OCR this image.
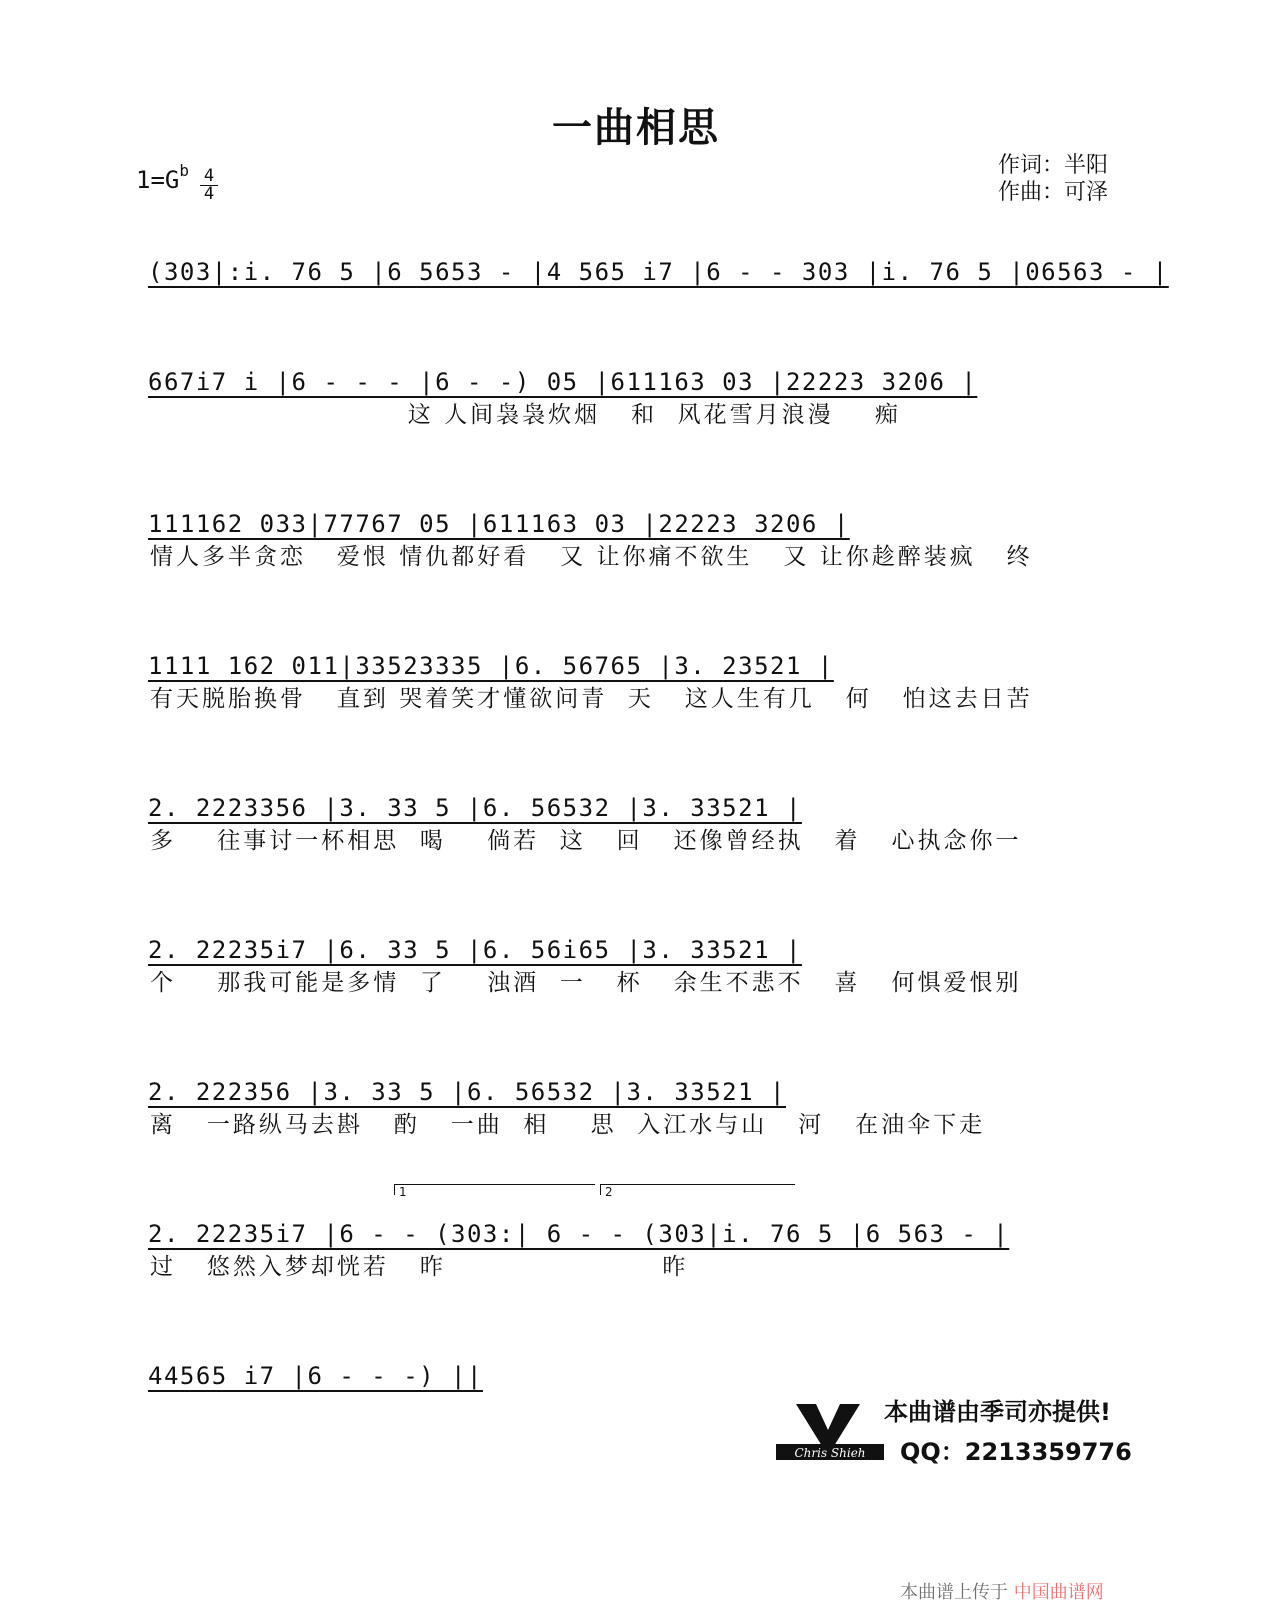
一曲相思
$1=G^b$ 4
4
作词：半阳
作曲：可泽
(303|:i. 76 5 |6 5653 - |4 565 i7 |6 - - 303 |i. 76 5 |06563 - |
667i7 i |6 - - - |6 - -) 05 |611163 03 |22223 3206 |
这 人间袅袅炊烟   和  风花雪月浪漫    痴
111162 033|77767 05 |611163 03 |22223 3206 |
情人多半贪恋   爱恨 情仇都好看   又 让你痛不欲生   又 让你趁醉装疯   终
1111 162 011|33523335 |6. 56765 |3. 23521 |
有天脱胎换骨   直到 哭着笑才懂欲问青  天   这人生有几   何   怕这去日苦
2. 2223356 |3. 33 5 |6. 56532 |3. 33521 |
多    往事讨一杯相思  喝    倘若  这   回   还像曾经执   着   心执念你一
2. 22235i7 |6. 33 5 |6. 56i65 |3. 33521 |
个    那我可能是多情  了    浊酒  一   杯   余生不悲不   喜   何惧爱恨别
2. 222356 |3. 33 5 |6. 56532 |3. 33521 |
离   一路纵马去斟   酌   一曲  相    思  入江水与山   河   在油伞下走
1	2
2. 22235i7 |6 - - (303:| 6 - - (303|i. 76 5 |6 563 - |
过   悠然入梦却恍若   昨                     昨
44565 i7 |6 - - -) ||
Chris Shieh
本曲谱由季司亦提供!
QQ：2213359776
本曲谱上传于 中国曲谱网
